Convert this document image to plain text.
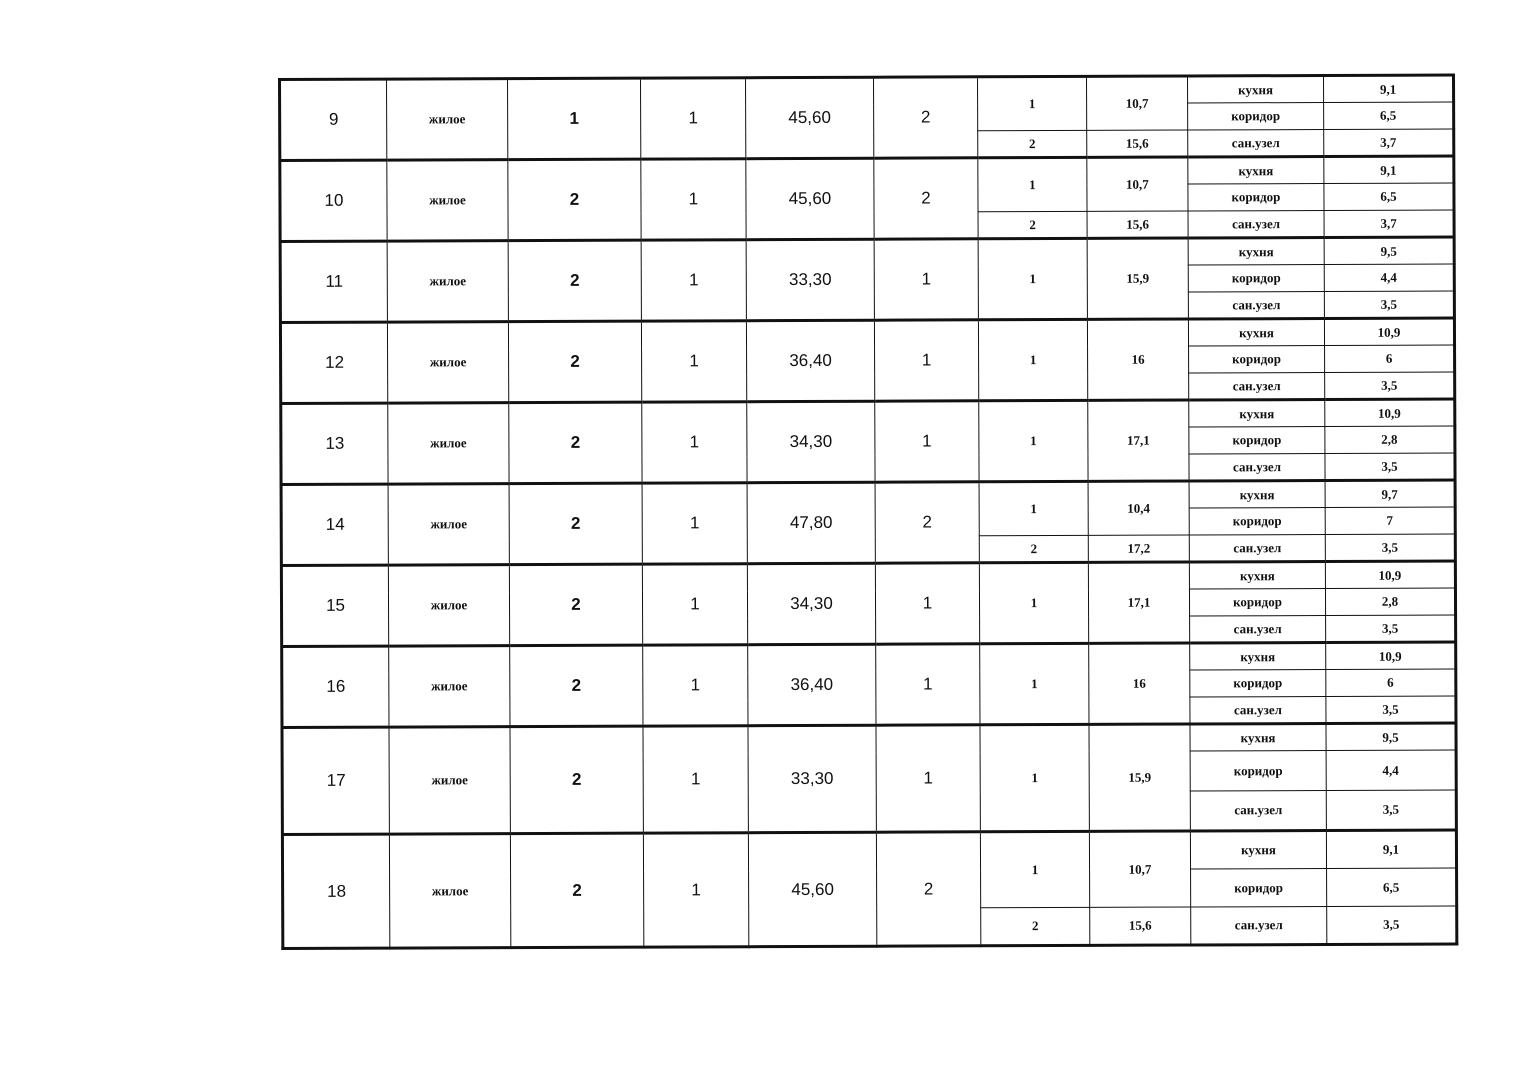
9	жилое	1	1	45,60	2	1	10,7	кухня	9,1
								коридор	6,5
						2	15,6	сан.узел	3,7
10	жилое	2	1	45,60	2	1	10,7	кухня	9,1
								коридор	6,5
						2	15,6	сан.узел	3,7
11	жилое	2	1	33,30	1	1	15,9	кухня	9,5
								коридор	4,4
								сан.узел	3,5
12	жилое	2	1	36,40	1	1	16	кухня	10,9
								коридор	6
								сан.узел	3,5
13	жилое	2	1	34,30	1	1	17,1	кухня	10,9
								коридор	2,8
								сан.узел	3,5
14	жилое	2	1	47,80	2	1	10,4	кухня	9,7
								коридор	7
						2	17,2	сан.узел	3,5
15	жилое	2	1	34,30	1	1	17,1	кухня	10,9
								коридор	2,8
								сан.узел	3,5
16	жилое	2	1	36,40	1	1	16	кухня	10,9
								коридор	6
								сан.узел	3,5
17	жилое	2	1	33,30	1	1	15,9	кухня	9,5
								коридор	4,4
								сан.узел	3,5
18	жилое	2	1	45,60	2	1	10,7	кухня	9,1
								коридор	6,5
						2	15,6	сан.узел	3,5
